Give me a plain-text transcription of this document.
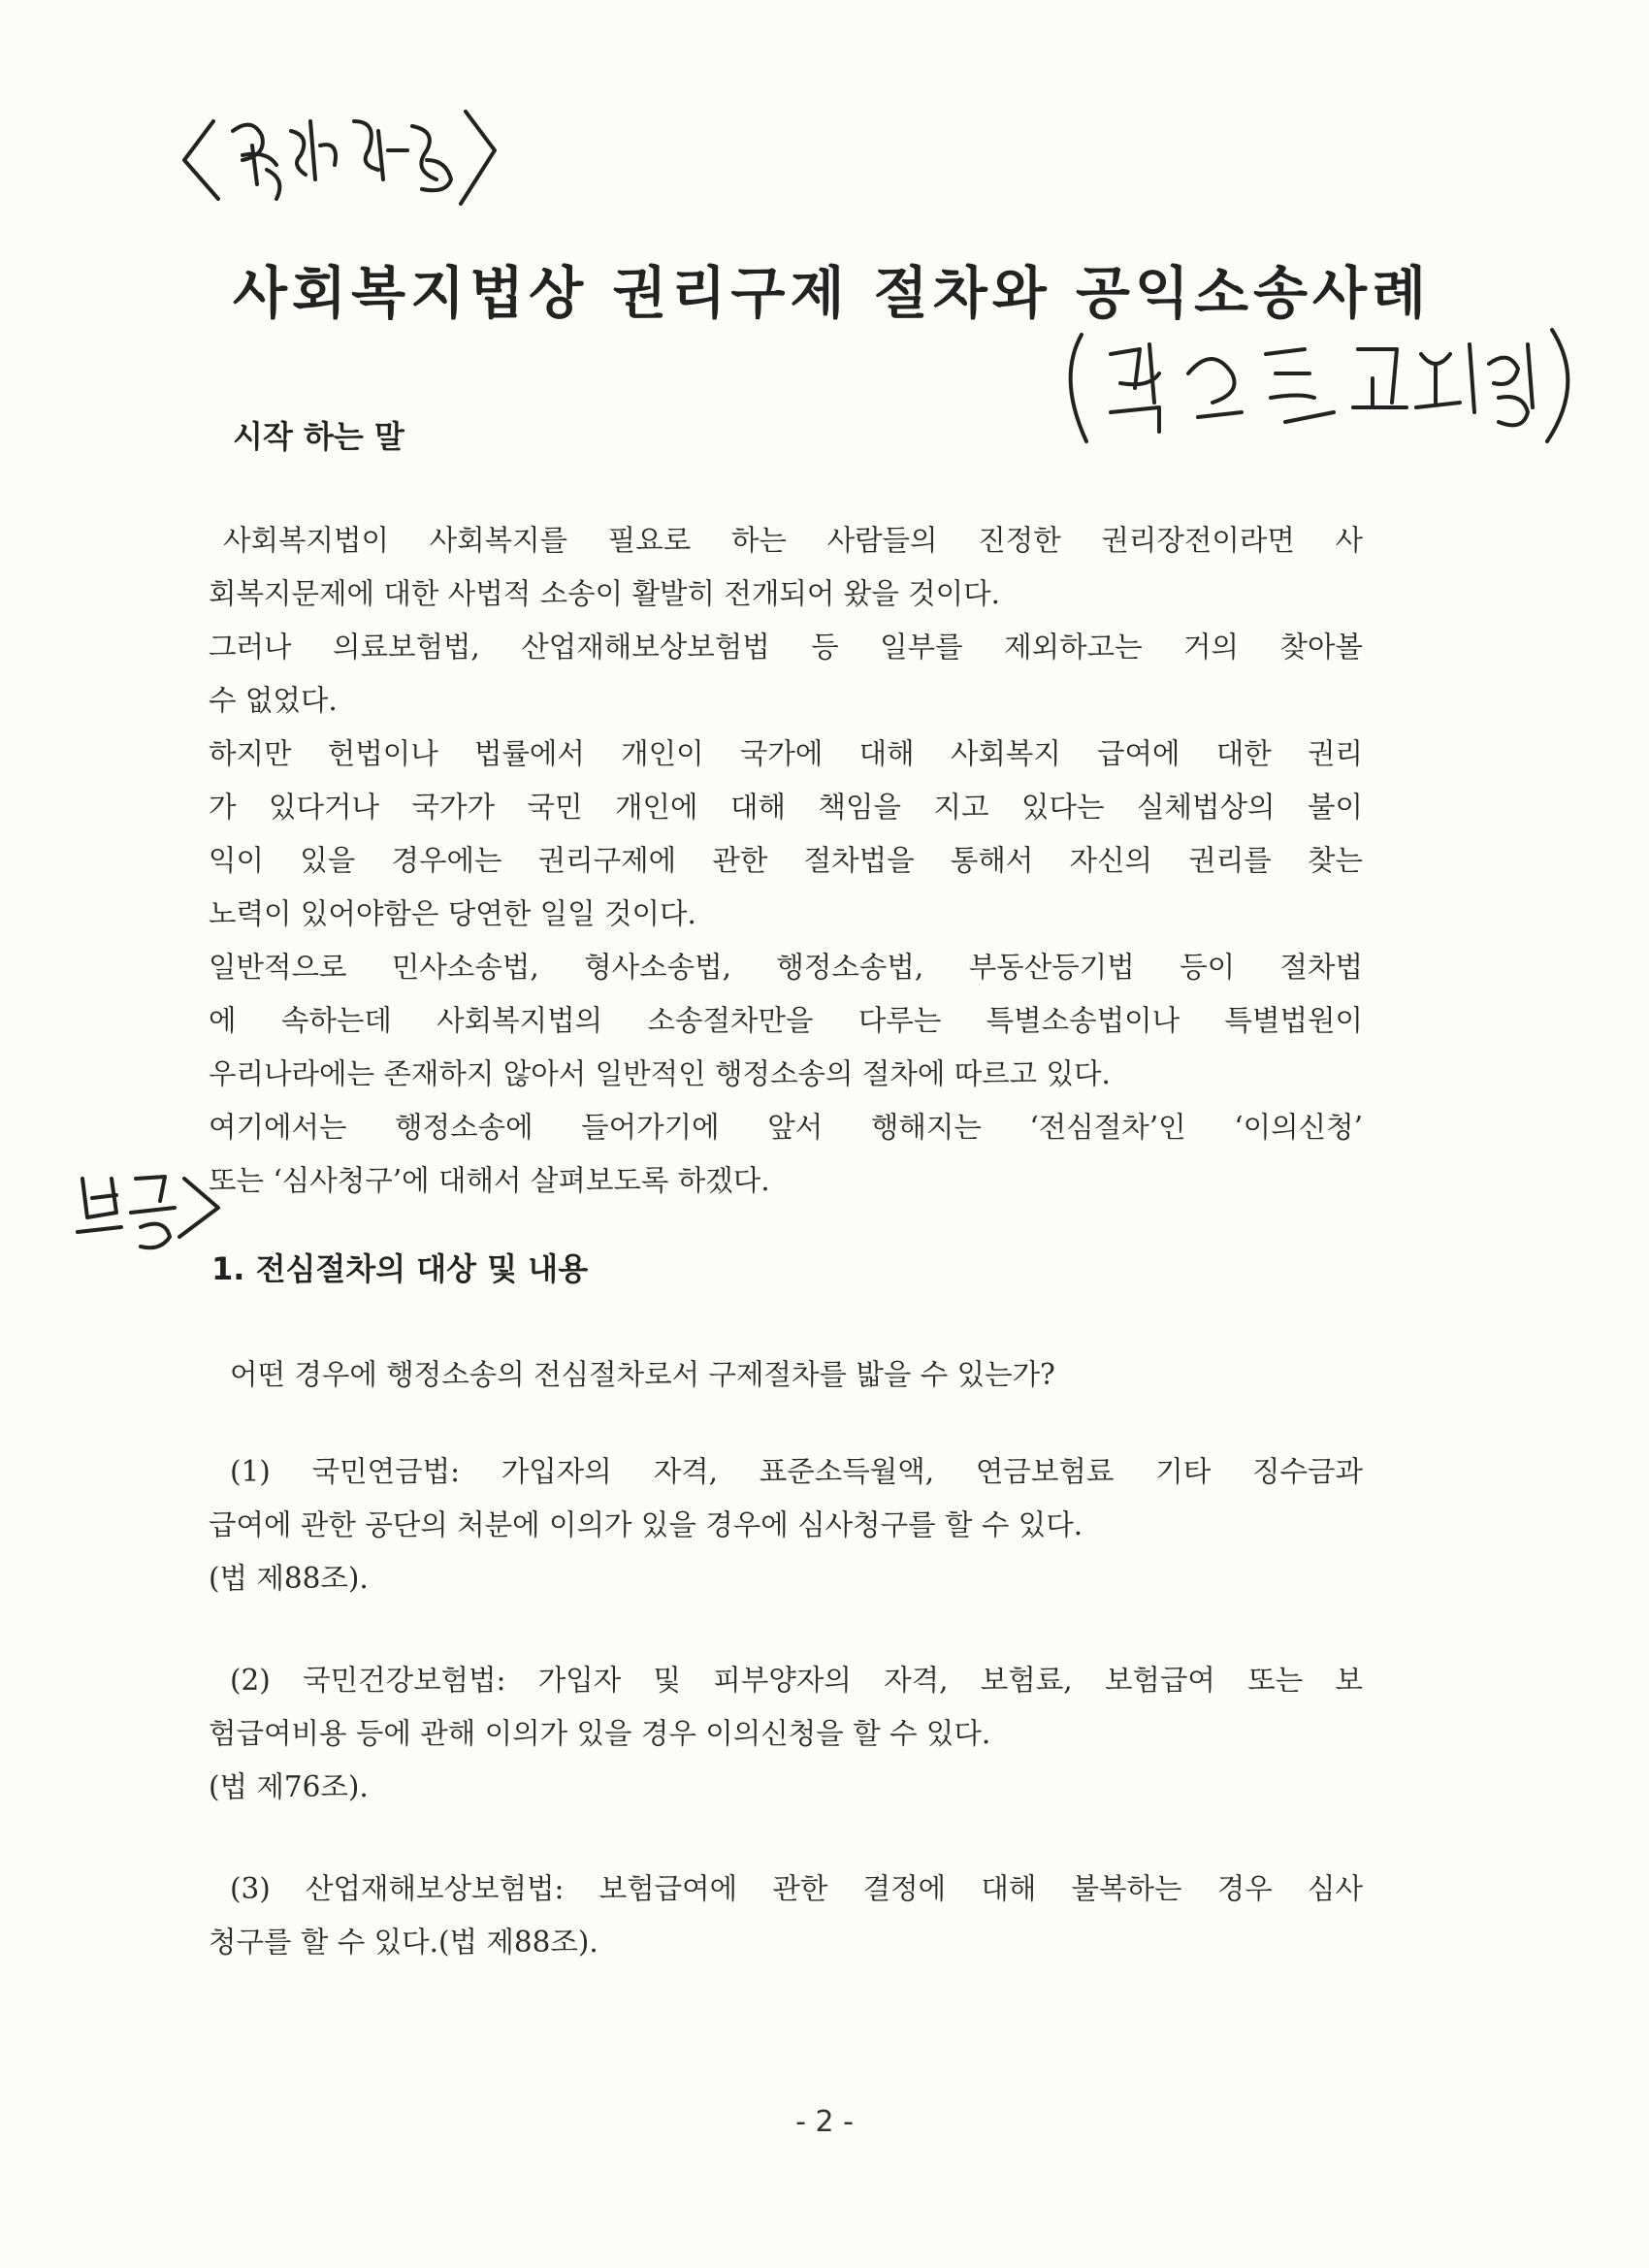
사회복지법상 권리구제 절차와 공익소송사례
시작 하는 말
사회복지법이 사회복지를 필요로 하는 사람들의 진정한 권리장전이라면 사
회복지문제에 대한 사법적 소송이 활발히 전개되어 왔을 것이다.
그러나 의료보험법, 산업재해보상보험법 등 일부를 제외하고는 거의 찾아볼
수 없었다.
하지만 헌법이나 법률에서 개인이 국가에 대해 사회복지 급여에 대한 권리
가 있다거나 국가가 국민 개인에 대해 책임을 지고 있다는 실체법상의 불이
익이 있을 경우에는 권리구제에 관한 절차법을 통해서 자신의 권리를 찾는
노력이 있어야함은 당연한 일일 것이다.
일반적으로 민사소송법, 형사소송법, 행정소송법, 부동산등기법 등이 절차법
에 속하는데 사회복지법의 소송절차만을 다루는 특별소송법이나 특별법원이
우리나라에는 존재하지 않아서 일반적인 행정소송의 절차에 따르고 있다.
여기에서는 행정소송에 들어가기에 앞서 행해지는 ‘전심절차’인 ‘이의신청’
또는 ‘심사청구’에 대해서 살펴보도록 하겠다.
1. 전심절차의 대상 및 내용
어떤 경우에 행정소송의 전심절차로서 구제절차를 밟을 수 있는가?
(1) 국민연금법: 가입자의 자격, 표준소득월액, 연금보험료 기타 징수금과
급여에 관한 공단의 처분에 이의가 있을 경우에 심사청구를 할 수 있다.
(법 제88조).
(2) 국민건강보험법: 가입자 및 피부양자의 자격, 보험료, 보험급여 또는 보
험급여비용 등에 관해 이의가 있을 경우 이의신청을 할 수 있다.
(법 제76조).
(3) 산업재해보상보험법: 보험급여에 관한 결정에 대해 불복하는 경우 심사
청구를 할 수 있다.(법 제88조).
- 2 -
